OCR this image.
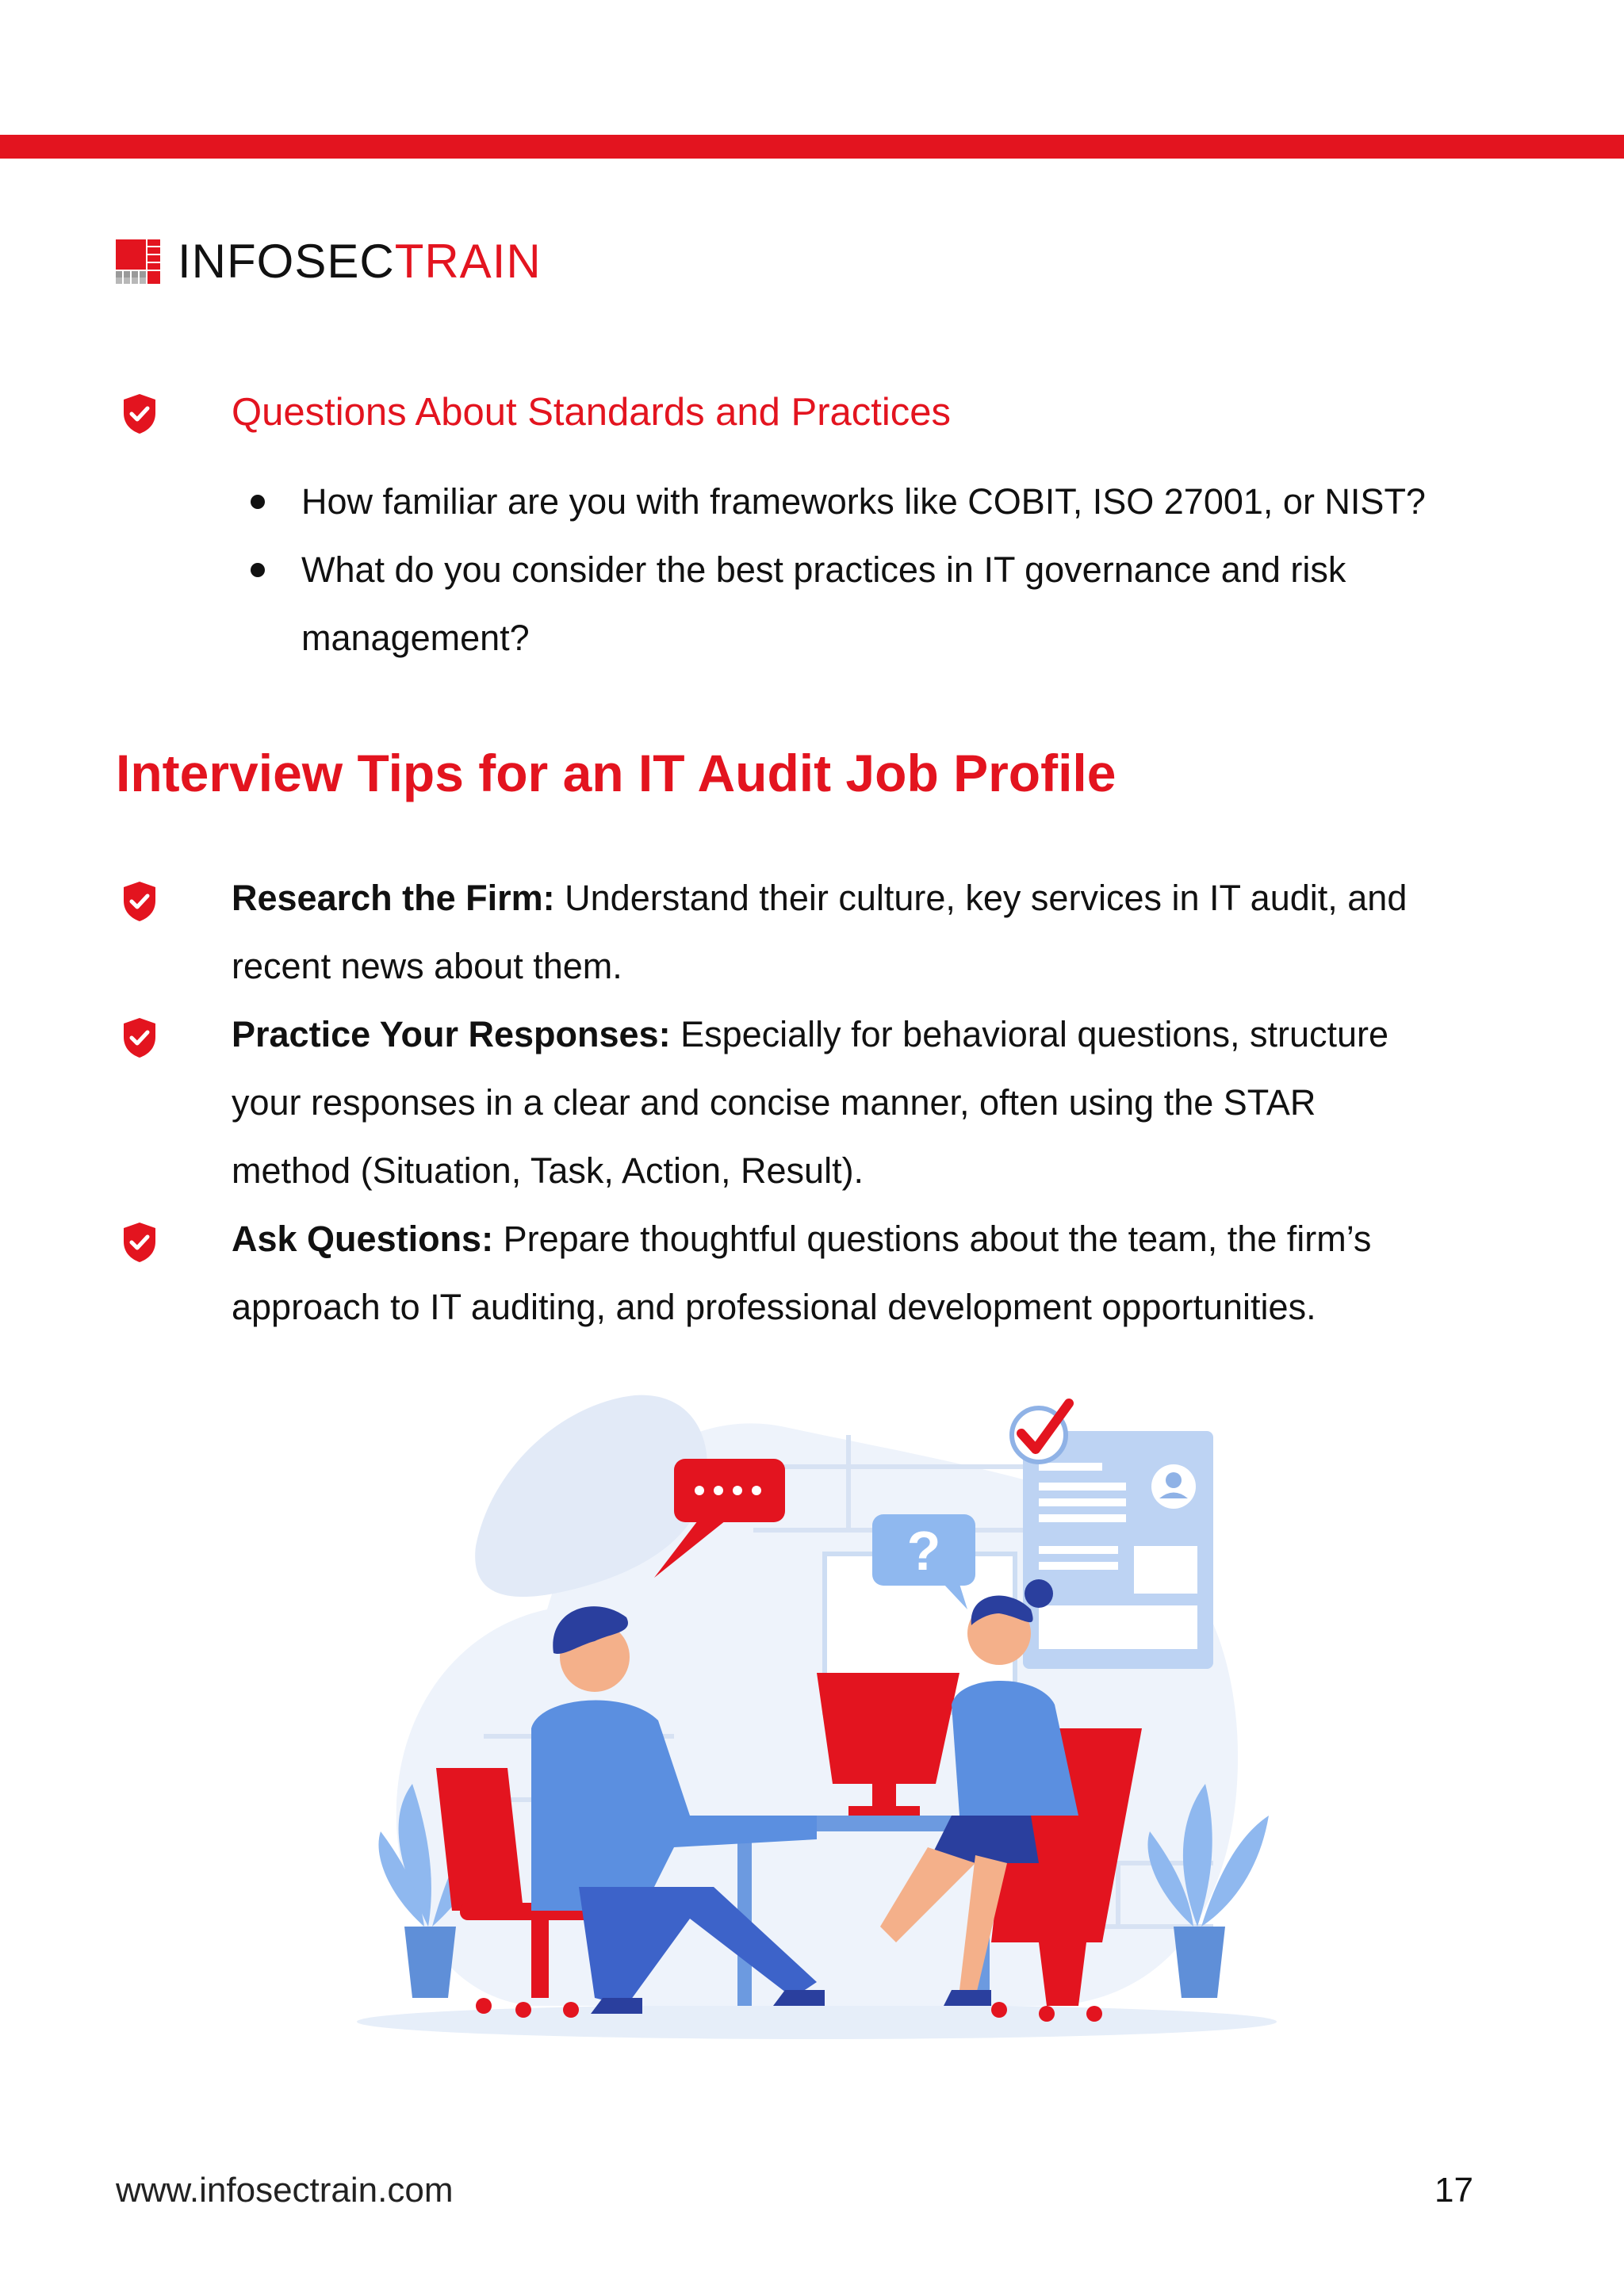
INFOSECTRAIN
Questions About Standards and Practices
How familiar are you with frameworks like COBIT, ISO 27001, or NIST?
What do you consider the best practices in IT governance and risk management?
Interview Tips for an IT Audit Job Profile
Research the Firm: Understand their culture, key services in IT audit, and recent news about them.
Practice Your Responses: Especially for behavioral questions, structure your responses in a clear and concise manner, often using the STAR method (Situation, Task, Action, Result).
Ask Questions: Prepare thoughtful questions about the team, the firm’s approach to IT auditing, and professional development opportunities.
?
www.infosectrain.com	17
